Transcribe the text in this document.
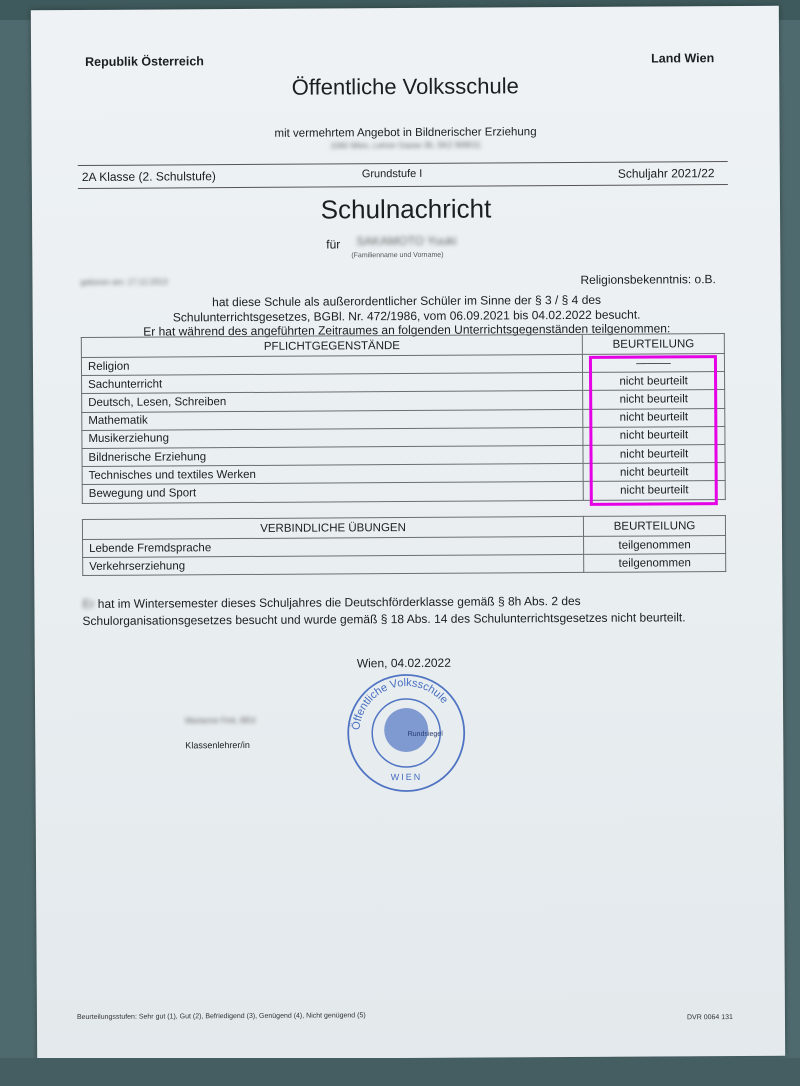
Republik Österreich	Land Wien
Öffentliche Volksschule
mit vermehrtem Angebot in Bildnerischer Erziehung
1060 Wien, Lehrer Gasse 36, SKZ 908011
2A Klasse (2. Schulstufe)	Grundstufe I	Schuljahr 2021/22
Schulnachricht
für SAKAMOTO Yuuki
(Familienname und Vorname)
geboren am: 17.12.2013	Religionsbekenntnis: o.B.
hat diese Schule als außerordentlicher Schüler im Sinne der § 3 / § 4 des
Schulunterrichtsgesetzes, BGBl. Nr. 472/1986, vom 06.09.2021 bis 04.02.2022 besucht.
Er hat während des angeführten Zeitraumes an folgenden Unterrichtsgegenständen teilgenommen:
PFLICHTGEGENSTÄNDE	BEURTEILUNG
Religion	———
Sachunterricht	nicht beurteilt
Deutsch, Lesen, Schreiben	nicht beurteilt
Mathematik	nicht beurteilt
Musikerziehung	nicht beurteilt
Bildnerische Erziehung	nicht beurteilt
Technisches und textiles Werken	nicht beurteilt
Bewegung und Sport	nicht beurteilt
VERBINDLICHE ÜBUNGEN	BEURTEILUNG
Lebende Fremdsprache	teilgenommen
Verkehrserziehung	teilgenommen
Er hat im Wintersemester dieses Schuljahres die Deutschförderklasse gemäß § 8h Abs. 2 des
Schulorganisationsgesetzes besucht und wurde gemäß § 18 Abs. 14 des Schulunterrichtsgesetzes nicht beurteilt.
Wien, 04.02.2022
Marianne Fink, BEd
Klassenlehrer/in
Öffentliche Volksschule
WIEN
Rundsiegel
Beurteilungsstufen: Sehr gut (1), Gut (2), Befriedigend (3), Genügend (4), Nicht genügend (5)	DVR 0064 131
